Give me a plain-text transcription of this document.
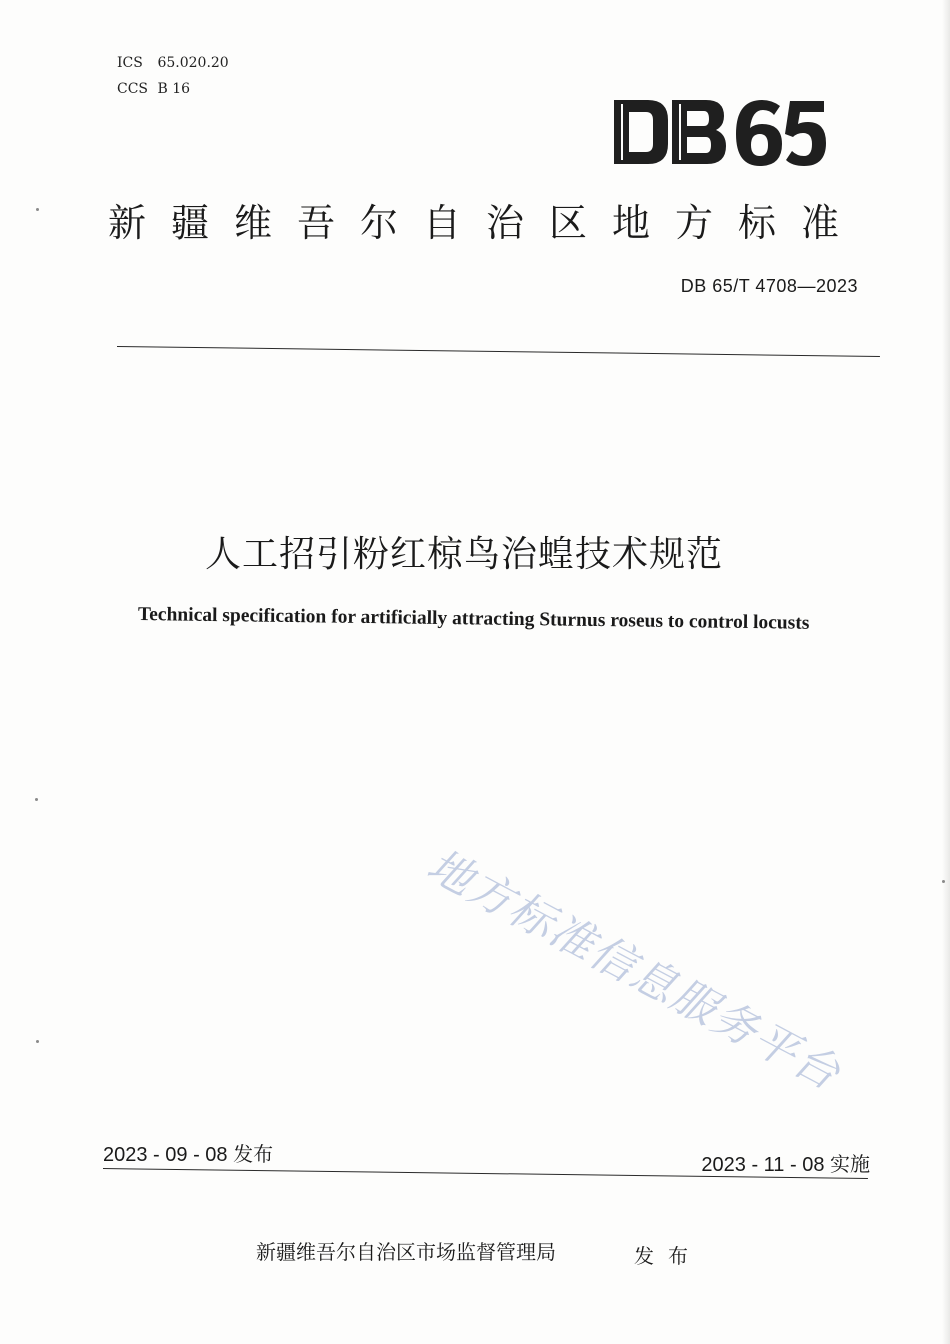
ICS 65.020.20
CCS B 16	DB 65
新疆维吾尔自治区地方标准
DB 65/T 4708—2023
人工招引粉红椋鸟治蝗技术规范
Technical specification for artificially attracting Sturnus roseus to control locusts
地方标准信息服务平台
2023 - 09 - 08 发布	2023 - 11 - 08 实施
新疆维吾尔自治区市场监督管理局	发布
